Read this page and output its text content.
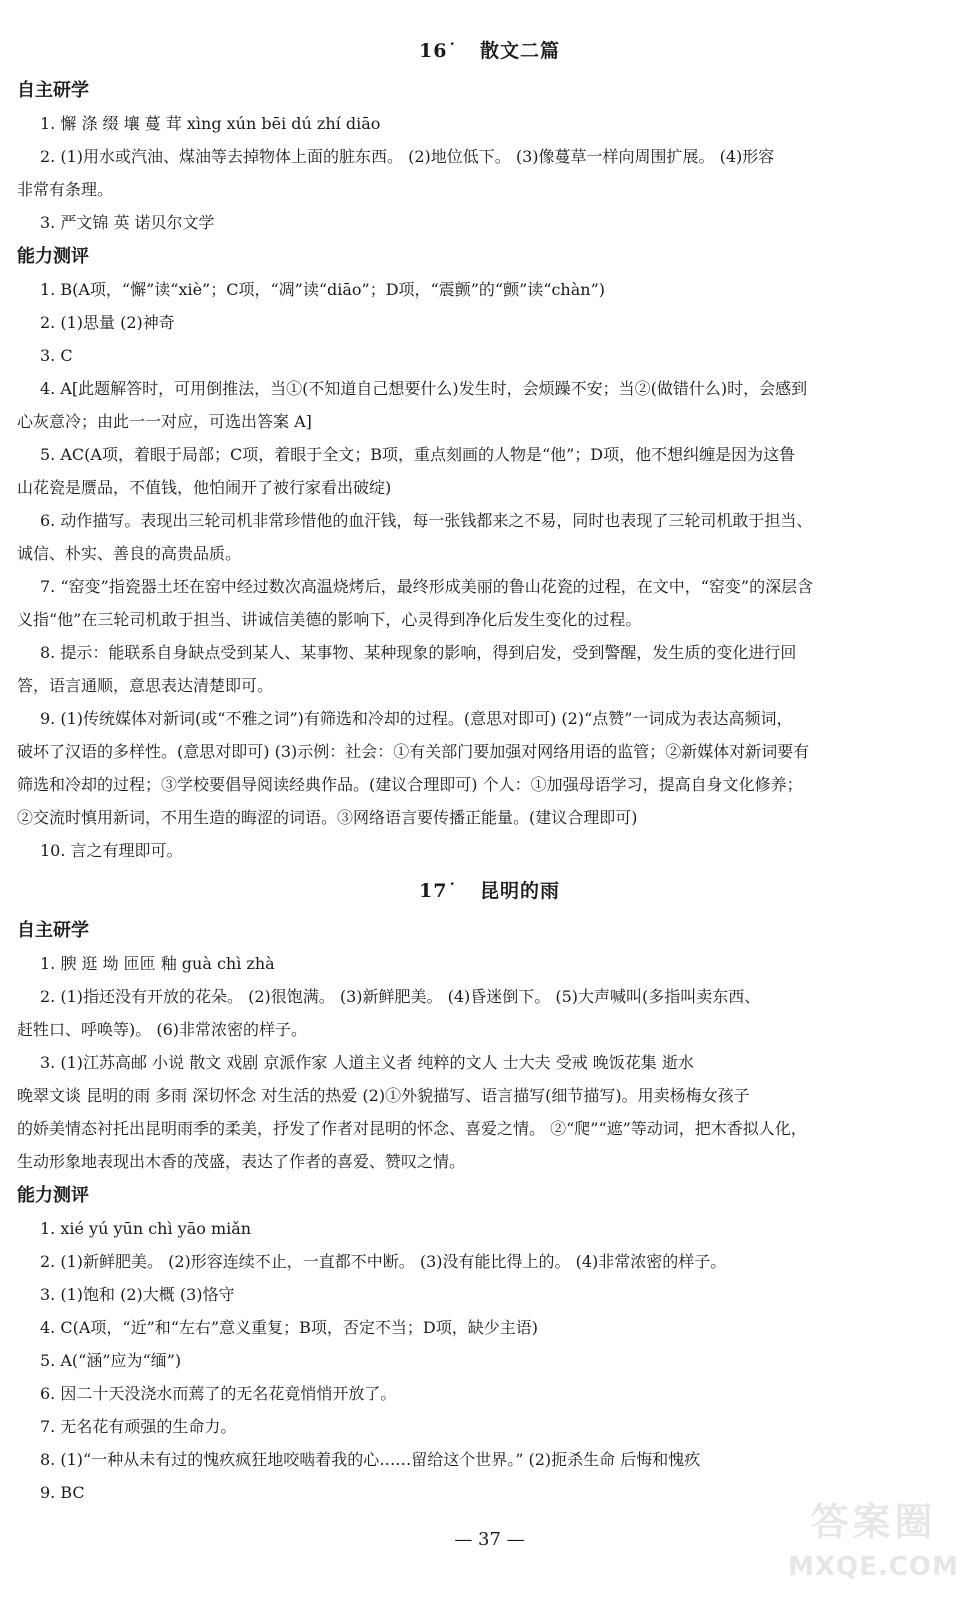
16˙ 散文二篇
自主研学
1. 懈 涤 缀 壤 蔓 茸 xìng xún bēi dú zhí diāo
2. (1)用水或汽油、煤油等去掉物体上面的脏东西。 (2)地位低下。 (3)像蔓草一样向周围扩展。 (4)形容
非常有条理。
3. 严文锦 英 诺贝尔文学
能力测评
1. B(A项，“懈”读“xiè”；C项，“凋”读“diāo”；D项，“震颤”的“颤”读“chàn”)
2. (1)思量 (2)神奇
3. C
4. A[此题解答时，可用倒推法，当①(不知道自己想要什么)发生时，会烦躁不安；当②(做错什么)时，会感到
心灰意冷；由此一一对应，可选出答案 A]
5. AC(A项，着眼于局部；C项，着眼于全文；B项，重点刻画的人物是“他”；D项，他不想纠缠是因为这鲁
山花瓷是赝品，不值钱，他怕闹开了被行家看出破绽)
6. 动作描写。表现出三轮司机非常珍惜他的血汗钱，每一张钱都来之不易，同时也表现了三轮司机敢于担当、
诚信、朴实、善良的高贵品质。
7. “窑变”指瓷器土坯在窑中经过数次高温烧烤后，最终形成美丽的鲁山花瓷的过程，在文中，“窑变”的深层含
义指“他”在三轮司机敢于担当、讲诚信美德的影响下，心灵得到净化后发生变化的过程。
8. 提示：能联系自身缺点受到某人、某事物、某种现象的影响，得到启发，受到警醒，发生质的变化进行回
答，语言通顺，意思表达清楚即可。
9. (1)传统媒体对新词(或“不雅之词”)有筛选和冷却的过程。(意思对即可) (2)“点赞”一词成为表达高频词，
破坏了汉语的多样性。(意思对即可) (3)示例：社会：①有关部门要加强对网络用语的监管；②新媒体对新词要有
筛选和冷却的过程；③学校要倡导阅读经典作品。(建议合理即可) 个人：①加强母语学习，提高自身文化修养；
②交流时慎用新词，不用生造的晦涩的词语。③网络语言要传播正能量。(建议合理即可)
10. 言之有理即可。
17˙ 昆明的雨
自主研学
1. 腴 逛 坳 匝匝 釉 guà chì zhà
2. (1)指还没有开放的花朵。 (2)很饱满。 (3)新鲜肥美。 (4)昏迷倒下。 (5)大声喊叫(多指叫卖东西、
赶牲口、呼唤等)。 (6)非常浓密的样子。
3. (1)江苏高邮 小说 散文 戏剧 京派作家 人道主义者 纯粹的文人 士大夫 受戒 晚饭花集 逝水
晚翠文谈 昆明的雨 多雨 深切怀念 对生活的热爱 (2)①外貌描写、语言描写(细节描写)。用卖杨梅女孩子
的娇美情态衬托出昆明雨季的柔美，抒发了作者对昆明的怀念、喜爱之情。 ②“爬”“遮”等动词，把木香拟人化，
生动形象地表现出木香的茂盛，表达了作者的喜爱、赞叹之情。
能力测评
1. xié yú yūn chì yāo miǎn
2. (1)新鲜肥美。 (2)形容连续不止，一直都不中断。 (3)没有能比得上的。 (4)非常浓密的样子。
3. (1)饱和 (2)大概 (3)恪守
4. C(A项，“近”和“左右”意义重复；B项，否定不当；D项，缺少主语)
5. A(“涵”应为“缅”)
6. 因二十天没浇水而蔫了的无名花竟悄悄开放了。
7. 无名花有顽强的生命力。
8. (1)“一种从未有过的愧疚疯狂地咬啮着我的心……留给这个世界。” (2)扼杀生命 后悔和愧疚
9. BC
— 37 —	答案圈
MXQE.COM
